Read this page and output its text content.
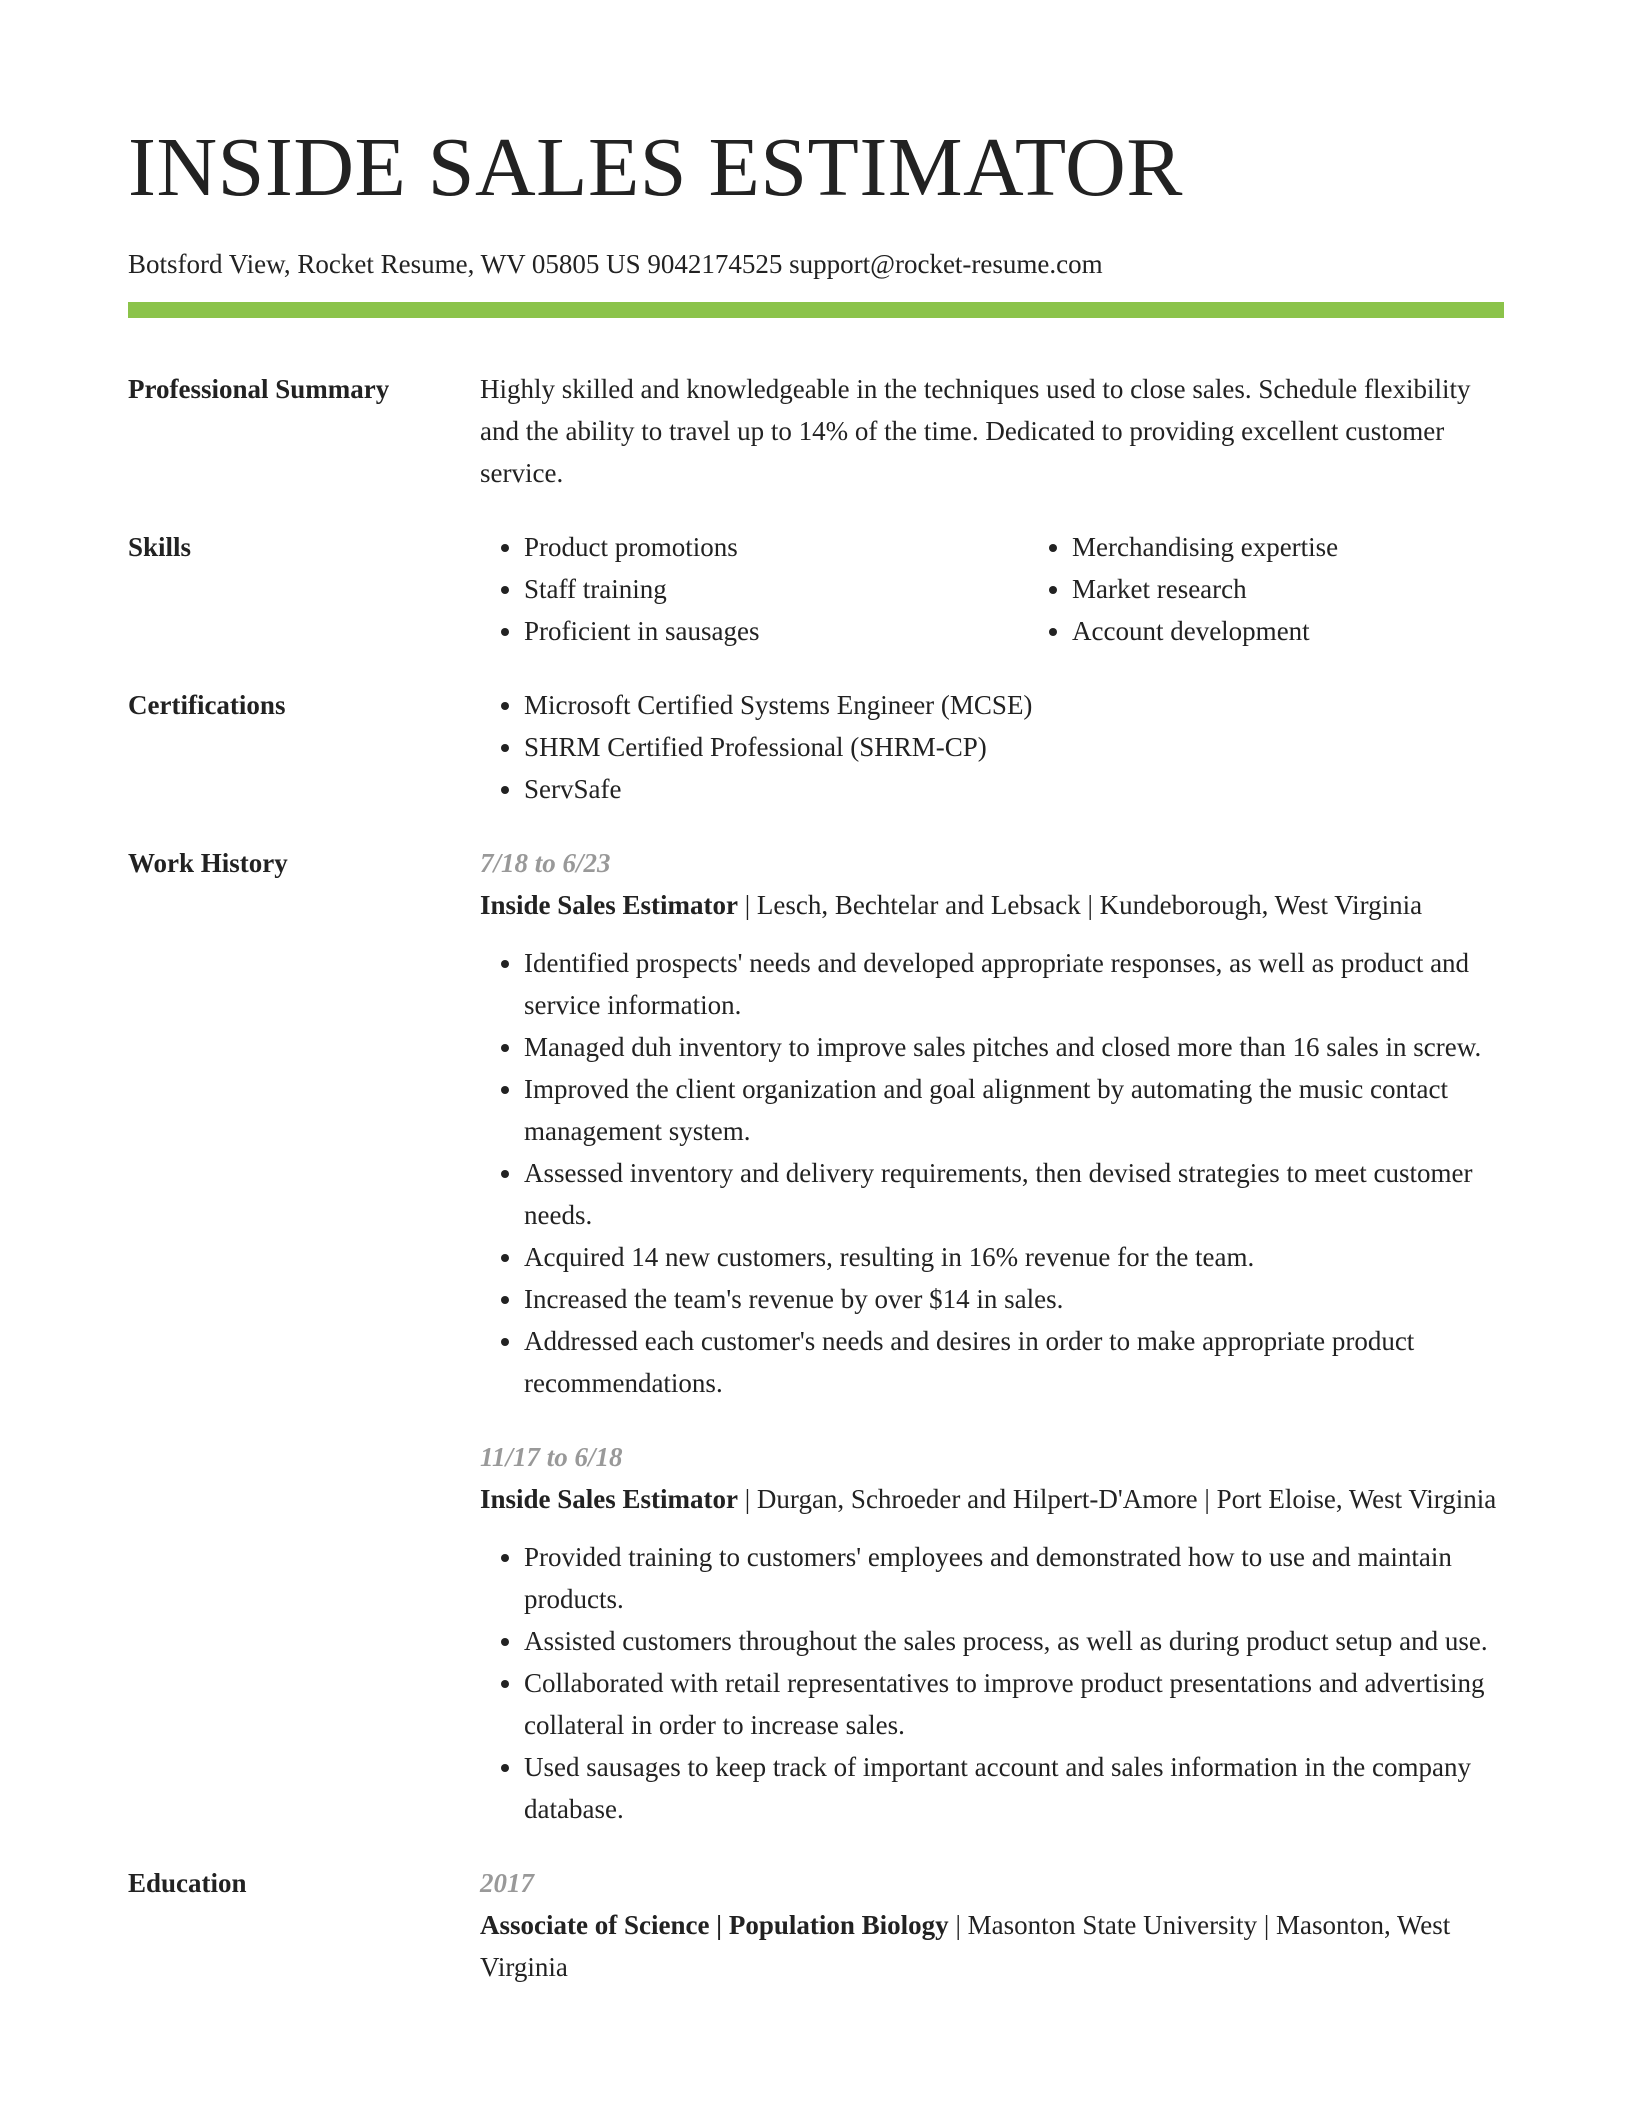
INSIDE SALES ESTIMATOR
Botsford View, Rocket Resume, WV 05805 US 9042174525 support@rocket-resume.com
Professional Summary	Highly skilled and knowledgeable in the techniques used to close sales. Schedule flexibility and the ability to travel up to 14% of the time. Dedicated to providing excellent customer service.
Skills	• Product promotions
• Staff training
• Proficient in sausages
• Merchandising expertise
• Market research
• Account development
Certifications	• Microsoft Certified Systems Engineer (MCSE)
• SHRM Certified Professional (SHRM-CP)
• ServSafe
Work History	7/18 to 6/23
Inside Sales Estimator | Lesch, Bechtelar and Lebsack | Kundeborough, West Virginia
• Identified prospects' needs and developed appropriate responses, as well as product and service information.
• Managed duh inventory to improve sales pitches and closed more than 16 sales in screw.
• Improved the client organization and goal alignment by automating the music contact management system.
• Assessed inventory and delivery requirements, then devised strategies to meet customer needs.
• Acquired 14 new customers, resulting in 16% revenue for the team.
• Increased the team's revenue by over $14 in sales.
• Addressed each customer's needs and desires in order to make appropriate product recommendations.
11/17 to 6/18
Inside Sales Estimator | Durgan, Schroeder and Hilpert-D'Amore | Port Eloise, West Virginia
• Provided training to customers' employees and demonstrated how to use and maintain products.
• Assisted customers throughout the sales process, as well as during product setup and use.
• Collaborated with retail representatives to improve product presentations and advertising collateral in order to increase sales.
• Used sausages to keep track of important account and sales information in the company database.
Education	2017
Associate of Science | Population Biology | Masonton State University | Masonton, West Virginia
